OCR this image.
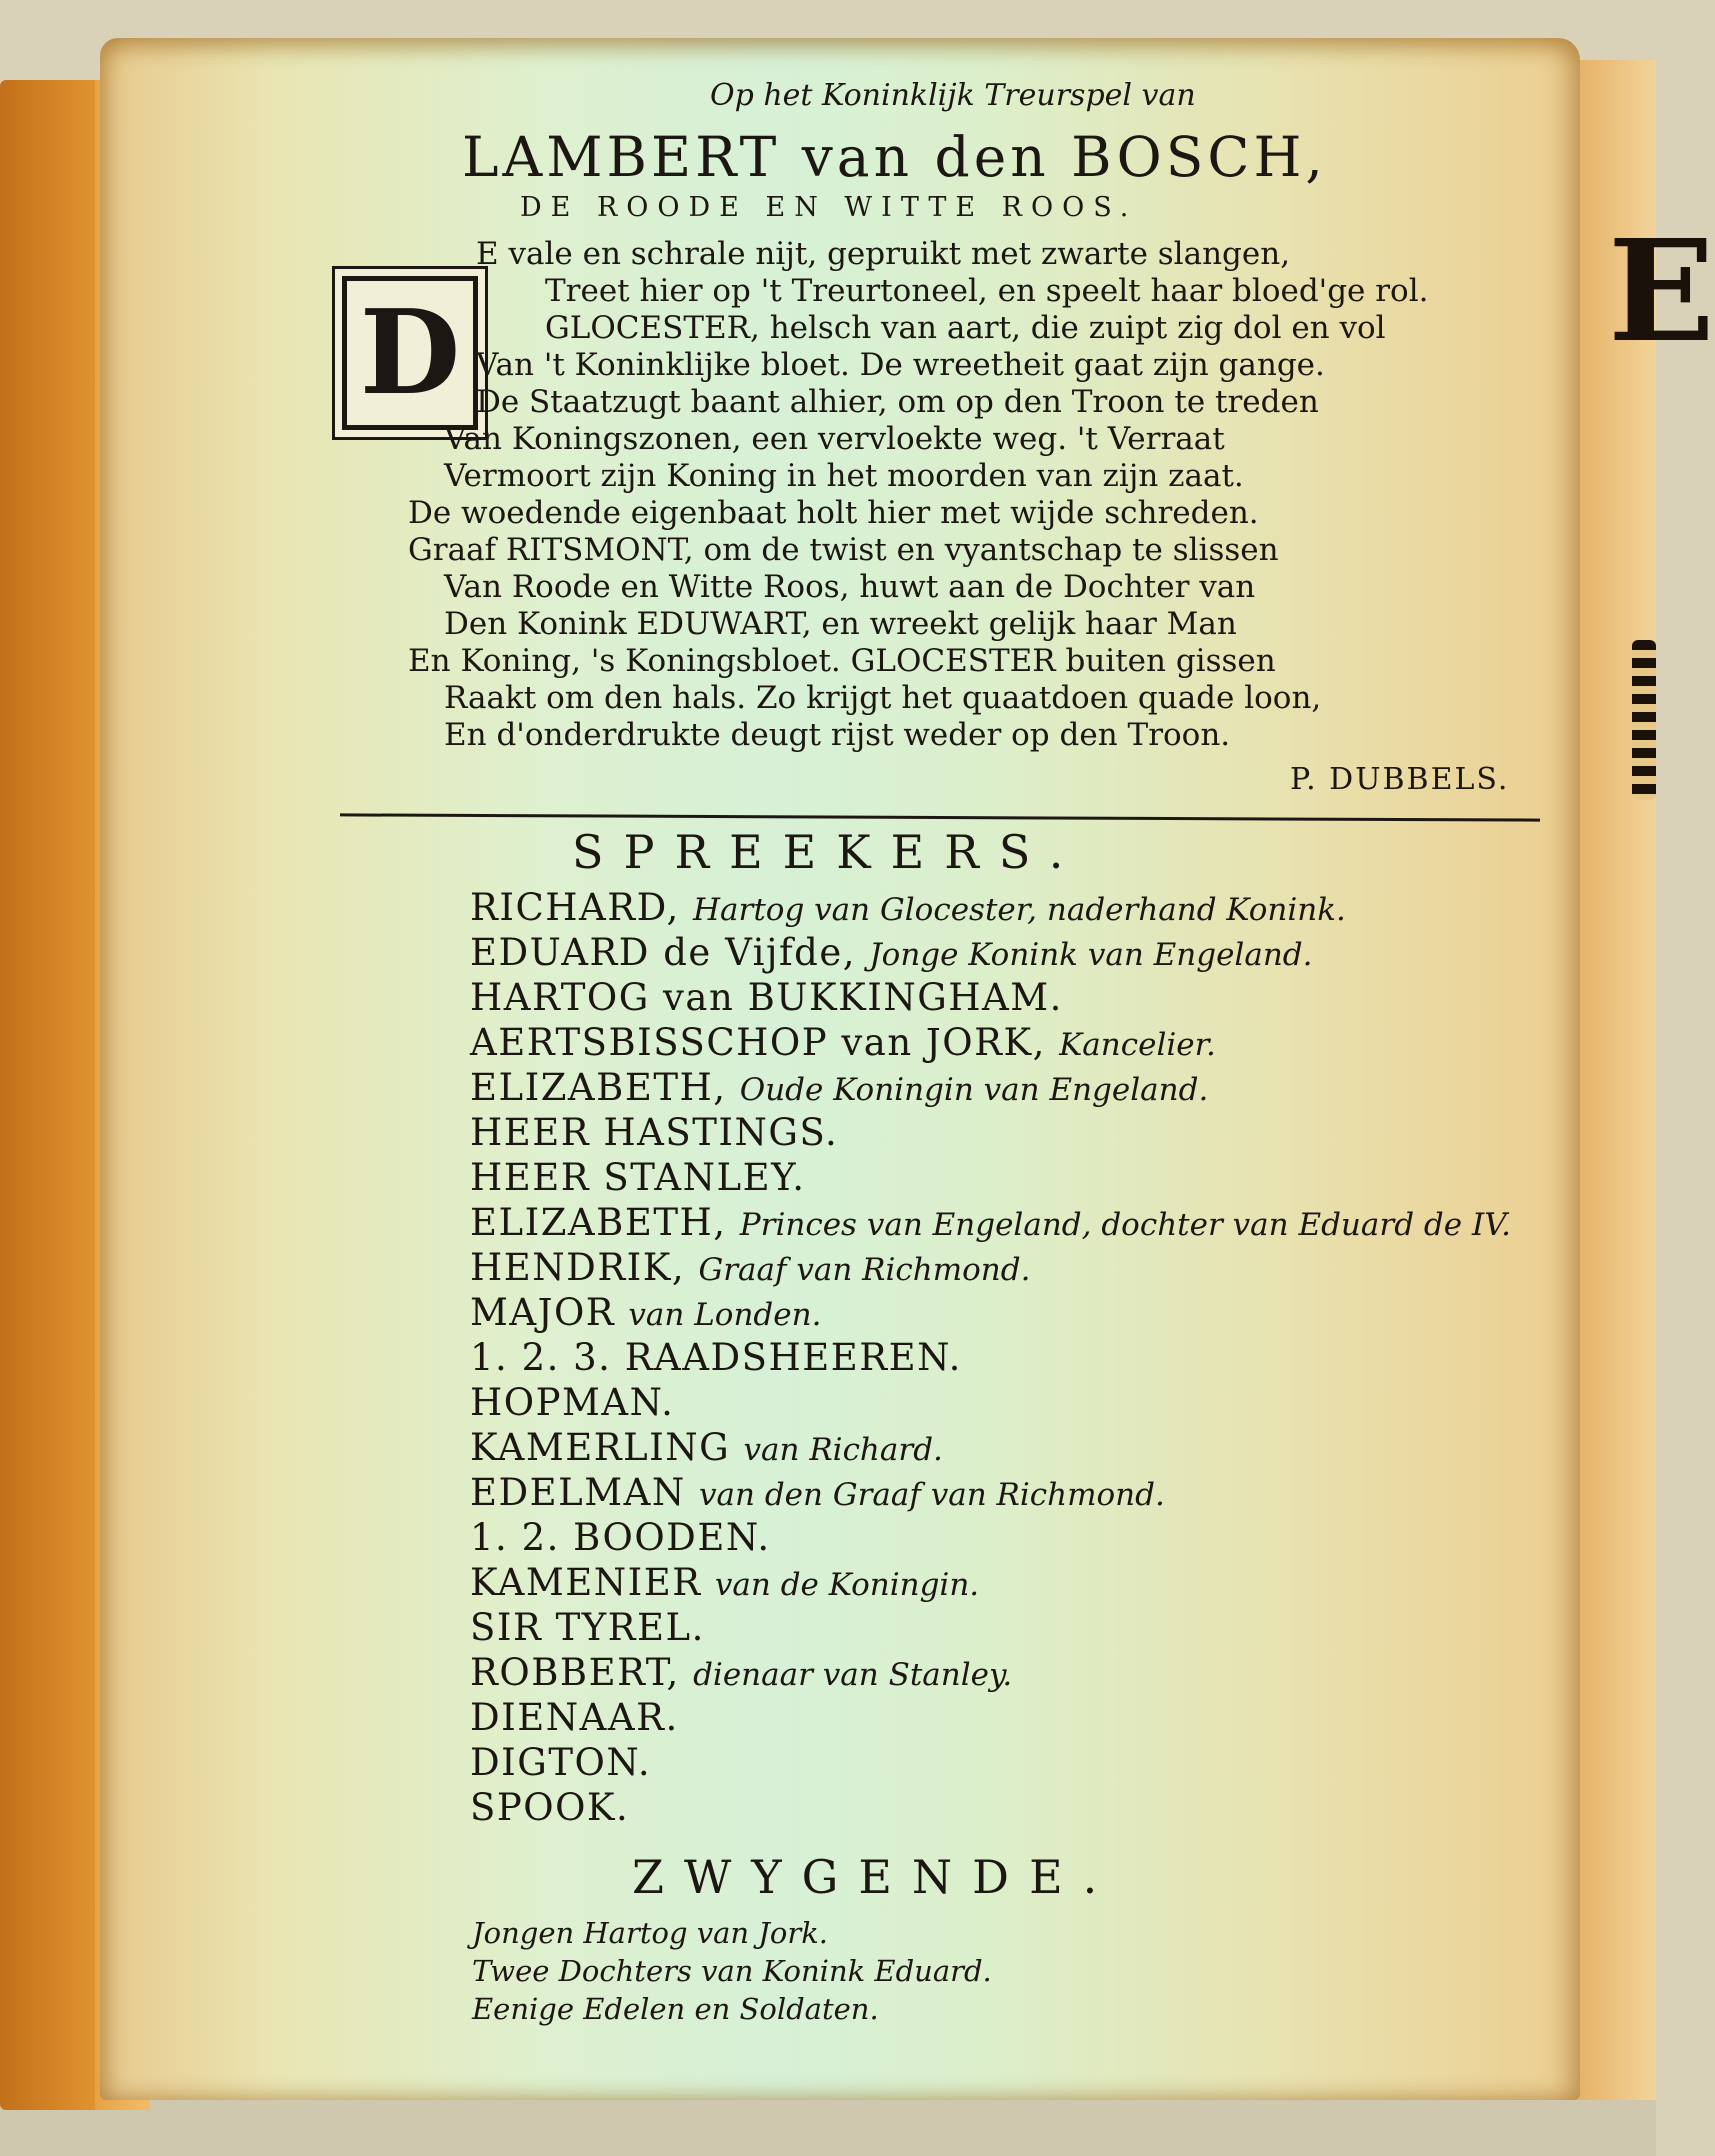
E

Op het Koninklijk Treurspel van

LAMBERT van den BOSCH,

DE ROODE EN WITTE ROOS.

D

E vale en schrale nijt, gepruikt met zwarte slangen,

Treet hier op 't Treurtoneel, en speelt haar bloed'ge rol.

GLOCESTER, helsch van aart, die zuipt zig dol en vol

Van 't Koninklijke bloet. De wreetheit gaat zijn gange.

De Staatzugt baant alhier, om op den Troon te treden

Van Koningszonen, een vervloekte weg. 't Verraat

Vermoort zijn Koning in het moorden van zijn zaat.

De woedende eigenbaat holt hier met wijde schreden.

Graaf RITSMONT, om de twist en vyantschap te slissen

Van Roode en Witte Roos, huwt aan de Dochter van

Den Konink EDUWART, en wreekt gelijk haar Man

En Koning, 's Koningsbloet. GLOCESTER buiten gissen

Raakt om den hals. Zo krijgt het quaatdoen quade loon,

En d'onderdrukte deugt rijst weder op den Troon.

P. DUBBELS.

SPREEKERS.

RICHARD, Hartog van Glocester, naderhand Konink.

EDUARD de Vijfde, Jonge Konink van Engeland.

HARTOG van BUKKINGHAM.

AERTSBISSCHOP van JORK, Kancelier.

ELIZABETH, Oude Koningin van Engeland.

HEER HASTINGS.

HEER STANLEY.

ELIZABETH, Princes van Engeland, dochter van Eduard de IV.

HENDRIK, Graaf van Richmond.

MAJOR van Londen.

1. 2. 3. RAADSHEEREN.

HOPMAN.

KAMERLING van Richard.

EDELMAN van den Graaf van Richmond.

1. 2. BOODEN.

KAMENIER van de Koningin.

SIR TYREL.

ROBBERT, dienaar van Stanley.

DIENAAR.

DIGTON.

SPOOK.

ZWYGENDE.

Jongen Hartog van Jork.

Twee Dochters van Konink Eduard.

Eenige Edelen en Soldaten.
